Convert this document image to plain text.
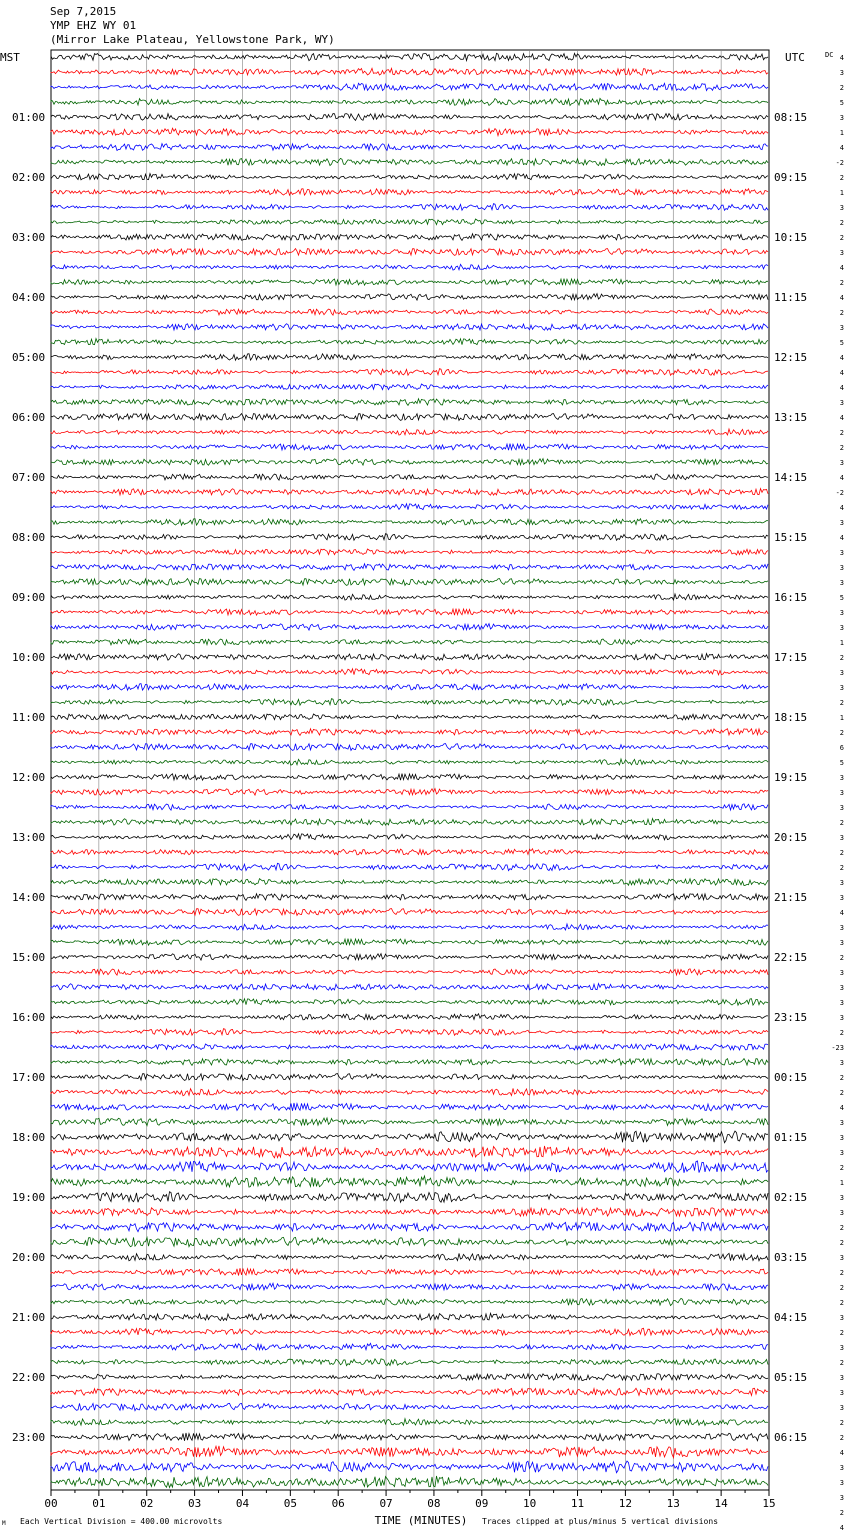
Sep 7,2015
YMP EHZ WY 01
(Mirror Lake Plateau, Yellowstone Park, WY)
MST	UTC	DC
01:00
02:00
03:00
04:00
05:00
06:00
07:00
08:00
09:00
10:00
11:00
12:00
13:00
14:00
15:00
16:00
17:00
18:00
19:00
20:00
21:00
22:00
23:00
08:15
09:15
10:15
11:15
12:15
13:15
14:15
15:15
16:15
17:15
18:15
19:15
20:15
21:15
22:15
23:15
00:15
01:15
02:15
03:15
04:15
05:15
06:15
4
3
2
5
3
1
4
-2
2
1
3
2
2
3
4
2
4
2
3
5
4
4
4
3
4
2
2
3
4
-2
4
3
4
3
3
3
5
3
3
1
2
3
3
2
1
2
6
5
3
3
3
2
3
2
2
3
3
4
3
3
2
3
3
3
3
2
-23
3
2
2
4
3
3
3
2
1
3
3
2
2
3
2
2
2
3
2
3
2
3
3
3
2
2
4
3
3
3
2
4
00	01	02	03	04	05	06	07	08	09	10	11	12	13	14	15
M Each Vertical Division = 400.00 microvolts	TIME (MINUTES) Traces clipped at plus/minus 5 vertical divisions
